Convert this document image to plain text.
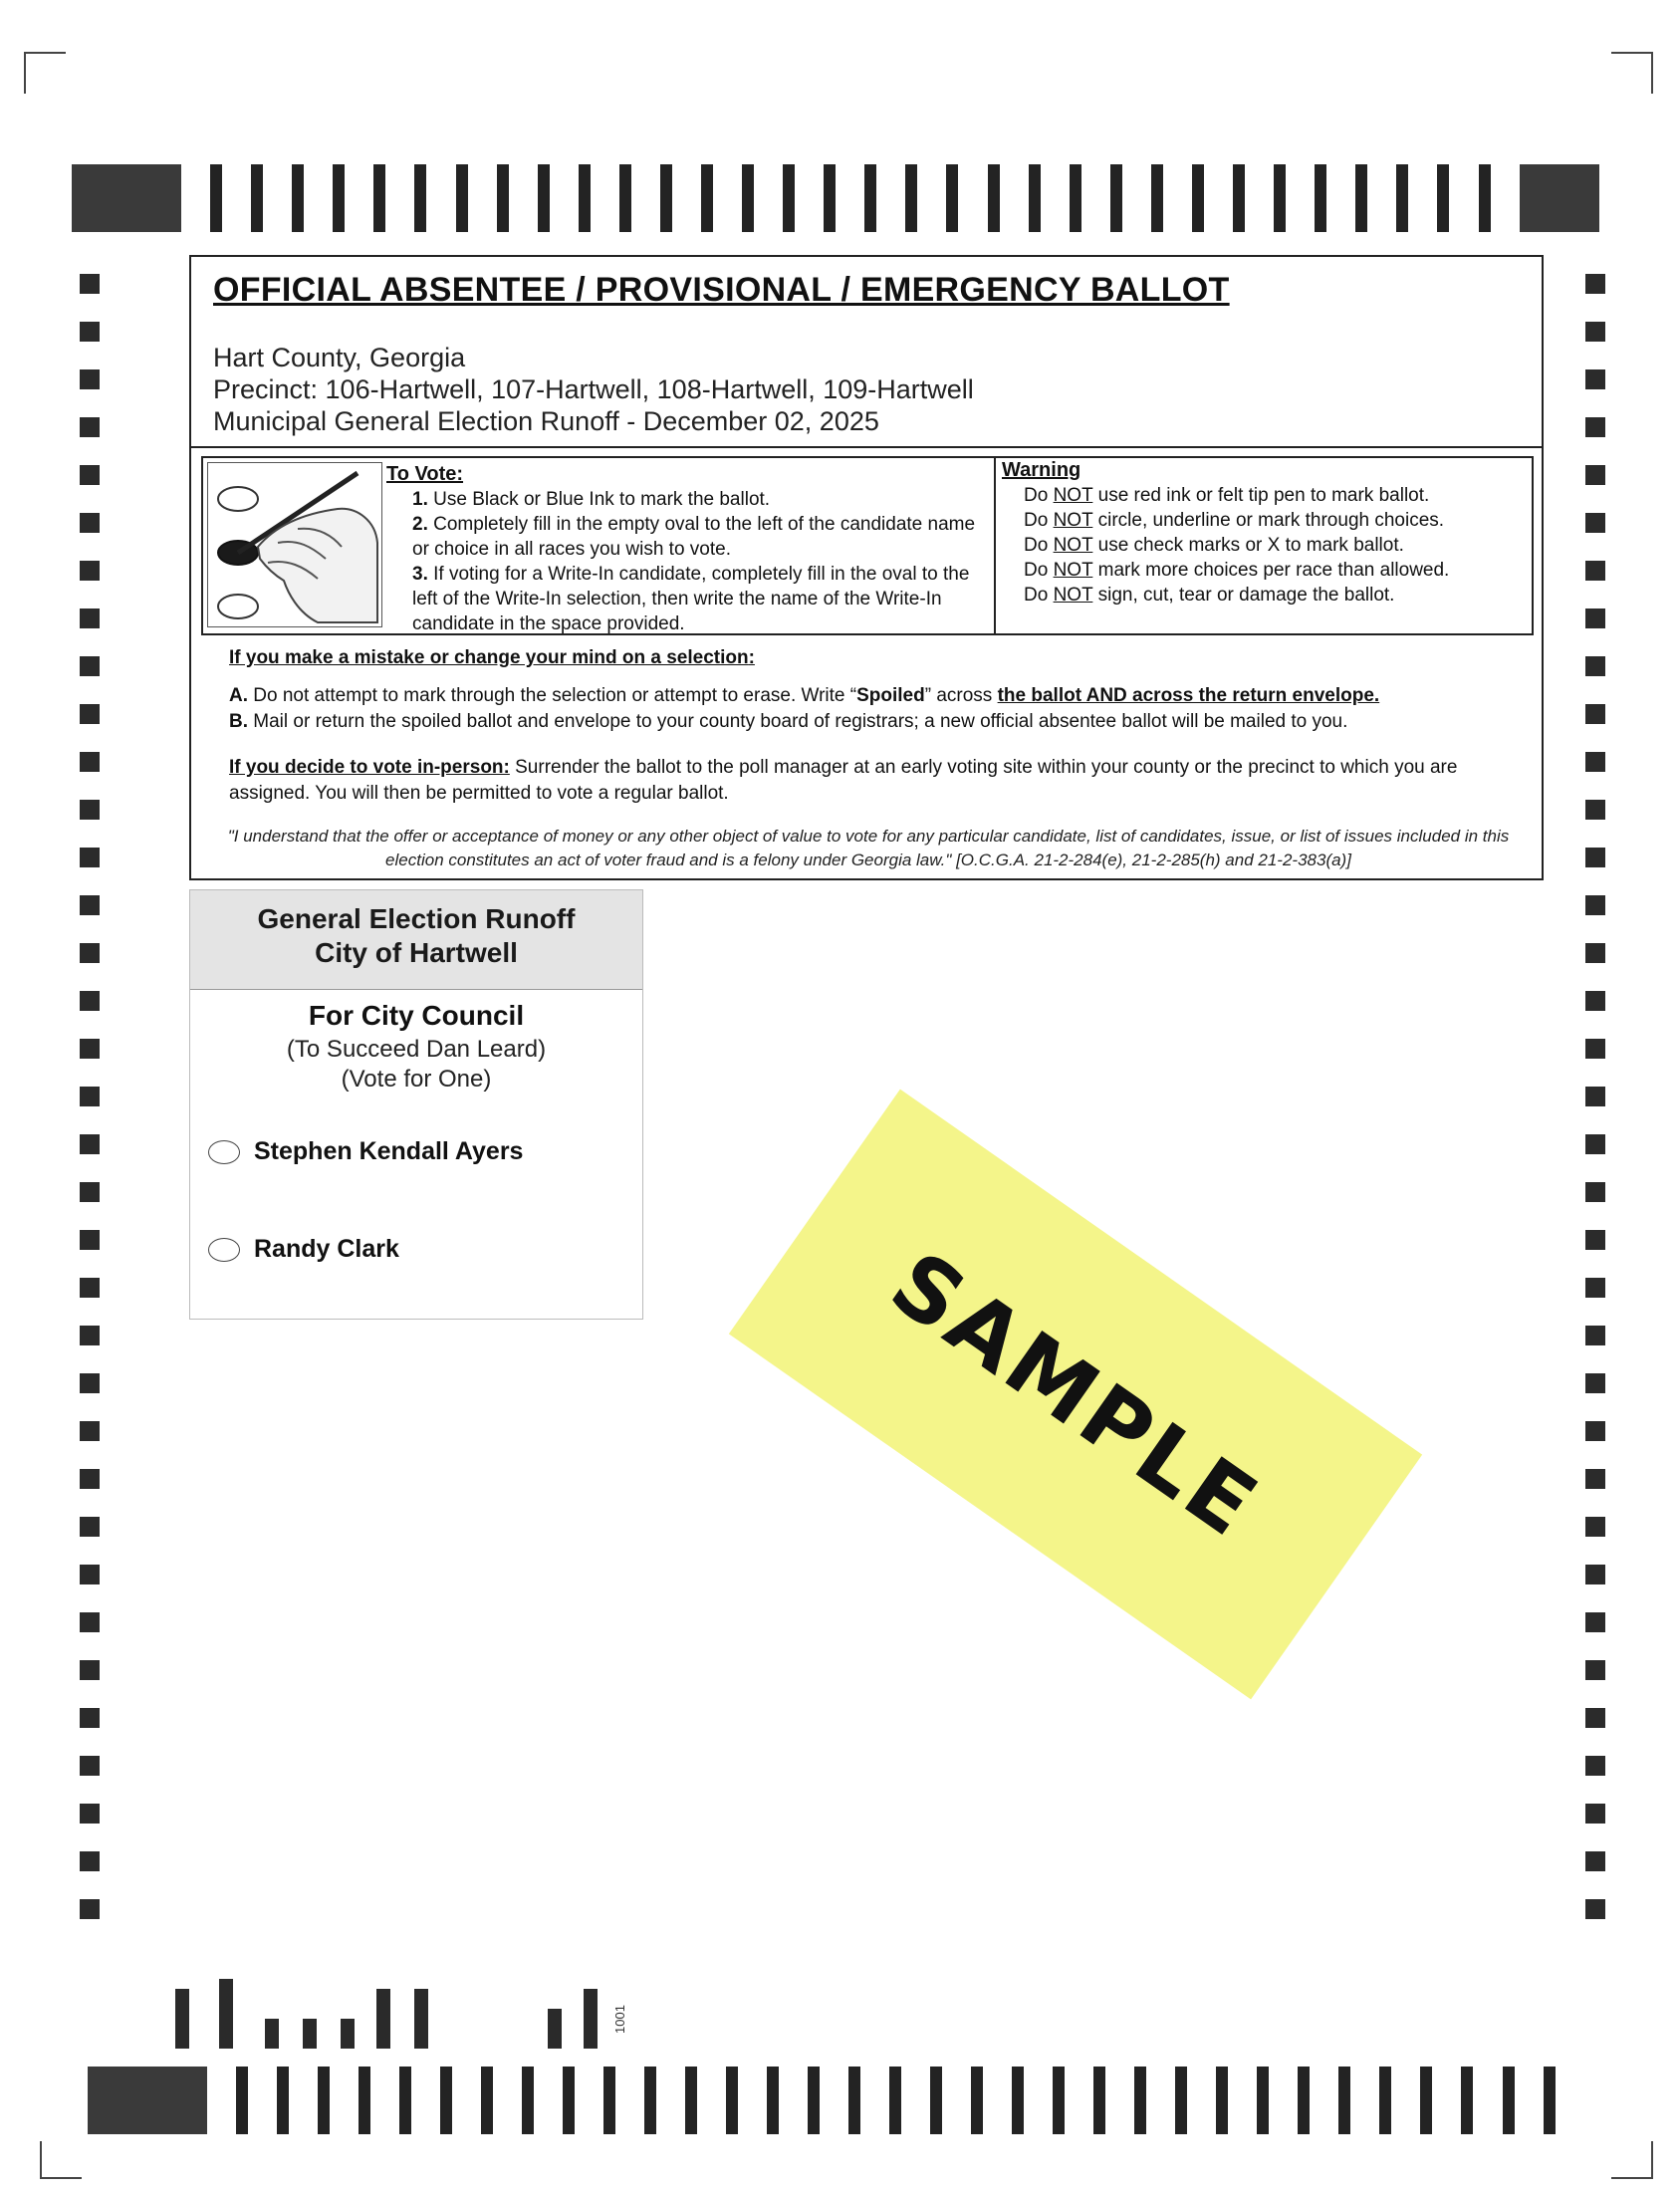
1001
OFFICIAL ABSENTEE / PROVISIONAL / EMERGENCY BALLOT
Hart County, Georgia
Precinct: 106-Hartwell, 107-Hartwell, 108-Hartwell, 109-Hartwell
Municipal General Election Runoff - December 02, 2025
To Vote:
1. Use Black or Blue Ink to mark the ballot.
2. Completely fill in the empty oval to the left of the candidate name or choice in all races you wish to vote.
3. If voting for a Write-In candidate, completely fill in the oval to the left of the Write-In selection, then write the name of the Write-In candidate in the space provided.
Warning
Do NOT use red ink or felt tip pen to mark ballot.
Do NOT circle, underline or mark through choices.
Do NOT use check marks or X to mark ballot.
Do NOT mark more choices per race than allowed.
Do NOT sign, cut, tear or damage the ballot.
If you make a mistake or change your mind on a selection:
A. Do not attempt to mark through the selection or attempt to erase. Write “Spoiled” across the ballot AND across the return envelope.
B. Mail or return the spoiled ballot and envelope to your county board of registrars; a new official absentee ballot will be mailed to you.
If you decide to vote in-person: Surrender the ballot to the poll manager at an early voting site within your county or the precinct to which you are assigned. You will then be permitted to vote a regular ballot.
"I understand that the offer or acceptance of money or any other object of value to vote for any particular candidate, list of candidates, issue, or list of issues included in this
election constitutes an act of voter fraud and is a felony under Georgia law." [O.C.G.A. 21-2-284(e), 21-2-285(h) and 21-2-383(a)]
General Election Runoff
City of Hartwell
For City Council
(To Succeed Dan Leard)
(Vote for One)
Stephen Kendall Ayers
Randy Clark	SAMPLE
